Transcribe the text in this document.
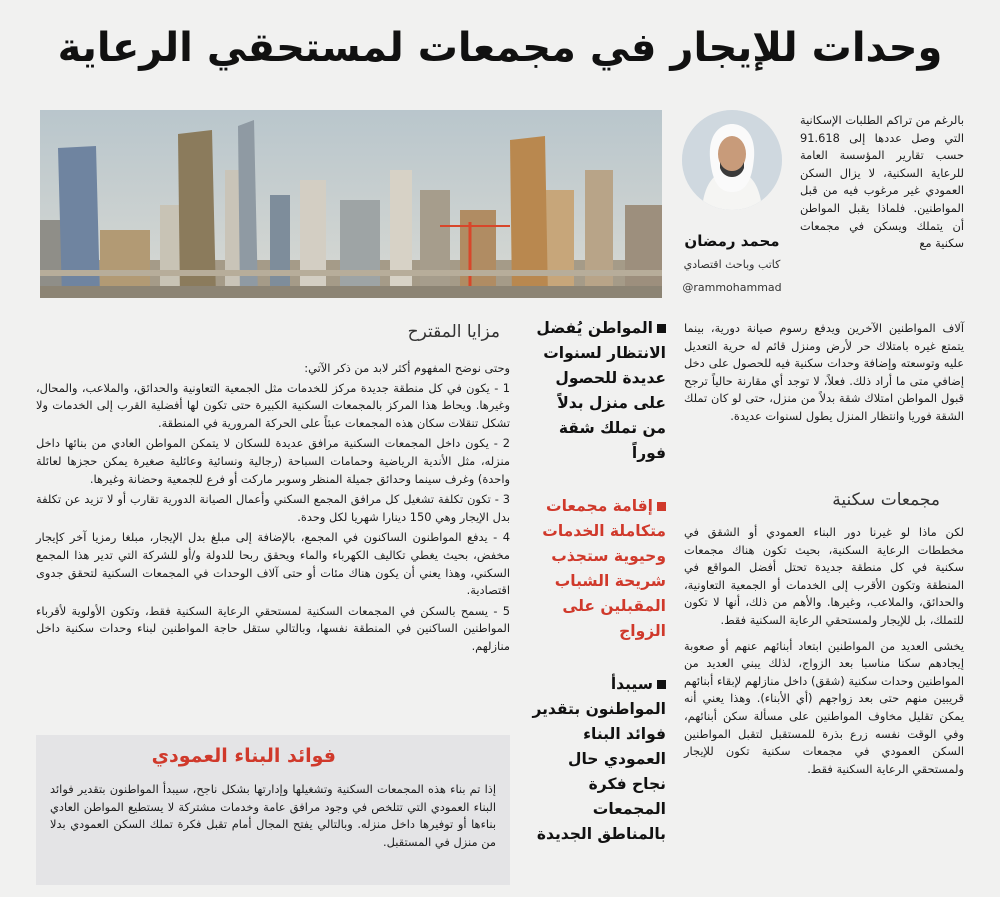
وحدات للإيجار في مجمعات لمستحقي الرعاية
محمد رمضان
كاتب وباحث اقتصادي
@rammohammad

بالرغم من تراكم الطلبات الإسكانية التي وصل عددها إلى 91.618 حسب تقارير المؤسسة العامة للرعاية السكنية، لا يزال السكن العمودي غير مرغوب فيه من قبل المواطنين. فلماذا يقبل المواطن أن يتملك ويسكن في مجمعات سكنية مع

آلاف المواطنين الآخرين ويدفع رسوم صيانة دورية، بينما يتمتع غيره بامتلاك حر لأرض ومنزل قائم له حرية التعديل عليه وتوسعته وإضافة وحدات سكنية فيه للحصول على دخل إضافي متى ما أراد ذلك. فعلاً، لا توجد أي مقارنة حالياً ترجح قبول المواطن امتلاك شقة بدلاً من منزل، حتى لو كان تملك الشقة فوريا وانتظار المنزل يطول لسنوات عديدة.

مجمعات سكنية

لكن ماذا لو غيرنا دور البناء العمودي أو الشقق في مخططات الرعاية السكنية، بحيث تكون هناك مجمعات سكنية في كل منطقة جديدة تحتل أفضل المواقع في المنطقة وتكون الأقرب إلى الخدمات أو الجمعية التعاونية، والحدائق، والملاعب، وغيرها. والأهم من ذلك، أنها لا تكون للتملك، بل للإيجار ولمستحقي الرعاية السكنية فقط.

يخشى العديد من المواطنين ابتعاد أبنائهم عنهم أو صعوبة إيجادهم سكنا مناسبا بعد الزواج، لذلك يبني العديد من المواطنين وحدات سكنية (شقق) داخل منازلهم لإبقاء أبنائهم قريبين منهم حتى بعد زواجهم (أي الأبناء). وهذا يعني أنه يمكن تقليل مخاوف المواطنين على مسألة سكن أبنائهم، وفي الوقت نفسه زرع بذرة للمستقبل لتقبل المواطنين السكن العمودي في مجمعات سكنية تكون للإيجار ولمستحقي الرعاية السكنية فقط.

المواطن يُفضل الانتظار لسنوات عديدة للحصول على منزل بدلاً من تملك شقة فوراً
إقامة مجمعات متكاملة الخدمات وحيوية ستجذب شريحة الشباب المقبلين على الزواج
سيبدأ المواطنون بتقدير فوائد البناء العمودي حال نجاح فكرة المجمعات بالمناطق الجديدة
مزايا المقترح

وحتى نوضح المفهوم أكثر لابد من ذكر الآتي:

1 - يكون في كل منطقة جديدة مركز للخدمات مثل الجمعية التعاونية والحدائق، والملاعب، والمحال، وغيرها. ويحاط هذا المركز بالمجمعات السكنية الكبيرة حتى تكون لها أفضلية القرب إلى الخدمات ولا تشكل تنقلات سكان هذه المجمعات عبئاً على الحركة المرورية في المنطقة.

2 - يكون داخل المجمعات السكنية مرافق عديدة للسكان لا يتمكن المواطن العادي من بنائها داخل منزله، مثل الأندية الرياضية وحمامات السباحة (رجالية ونسائية وعائلية صغيرة يمكن حجزها لعائلة واحدة) وغرف سينما وحدائق جميلة المنظر وسوبر ماركت أو فرع للجمعية وحضانة وغيرها.

3 - تكون تكلفة تشغيل كل مرافق المجمع السكني وأعمال الصيانة الدورية تقارب أو لا تزيد عن تكلفة بدل الإيجار وهي 150 دينارا شهريا لكل وحدة.

4 - يدفع المواطنون الساكنون في المجمع، بالإضافة إلى مبلغ بدل الإيجار، مبلغا رمزيا آخر كإيجار مخفض، بحيث يغطي تكاليف الكهرباء والماء ويحقق ربحا للدولة و/أو للشركة التي تدير هذا المجمع السكني، وهذا يعني أن يكون هناك مئات أو حتى آلاف الوحدات في المجمعات السكنية لتحقق جدوى اقتصادية.

5 - يسمح بالسكن في المجمعات السكنية لمستحقي الرعاية السكنية فقط، وتكون الأولوية لأقرباء المواطنين الساكنين في المنطقة نفسها، وبالتالي ستقل حاجة المواطنين لبناء وحدات سكنية داخل منازلهم.

فوائد البناء العمودي
إذا تم بناء هذه المجمعات السكنية وتشغيلها وإدارتها بشكل ناجح، سيبدأ المواطنون بتقدير فوائد البناء العمودي التي تتلخص في وجود مرافق عامة وخدمات مشتركة لا يستطيع المواطن العادي بناءها أو توفيرها داخل منزله. وبالتالي يفتح المجال أمام تقبل فكرة تملك السكن العمودي بدلا من منزل في المستقبل.
